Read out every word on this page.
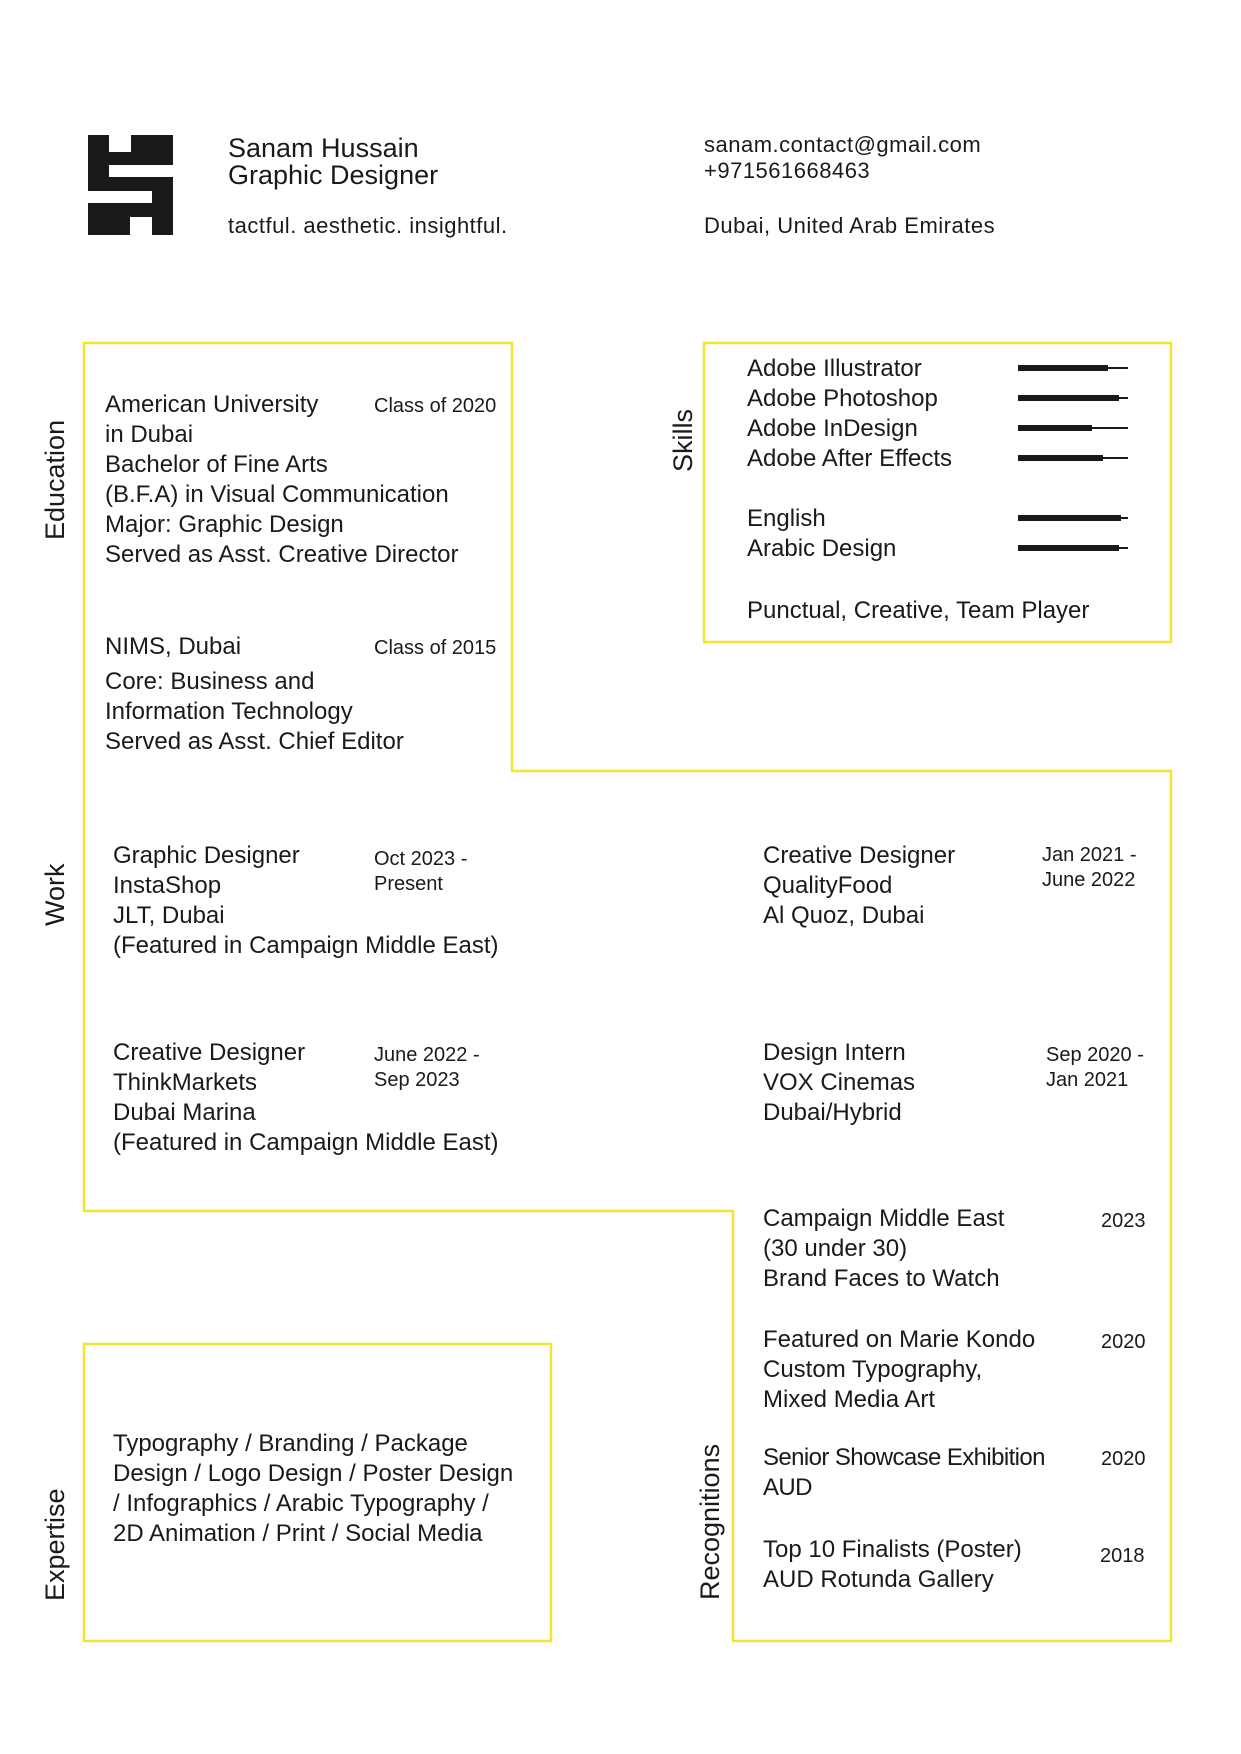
Sanam Hussain
Graphic Designer
tactful. aesthetic. insightful.
sanam.contact@gmail.com
+971561668463
Dubai, United Arab Emirates
Education	Skills
Work
Expertise	Recognitions
American University
in Dubai
Bachelor of Fine Arts
(B.F.A) in Visual Communication
Major: Graphic Design
Served as Asst. Creative Director
Class of 2020
NIMS, Dubai	Class of 2015
Core: Business and
Information Technology
Served as Asst. Chief Editor
Adobe Illustrator
Adobe Photoshop
Adobe InDesign
Adobe After Effects
English
Arabic Design
Punctual, Creative, Team Player
Graphic Designer
InstaShop
JLT, Dubai
(Featured in Campaign Middle East)
Oct 2023 -
Present
Creative Designer
QualityFood
Al Quoz, Dubai
Jan 2021 -
June 2022
Creative Designer
ThinkMarkets
Dubai Marina
(Featured in Campaign Middle East)
June 2022 -
Sep 2023
Design Intern
VOX Cinemas
Dubai/Hybrid
Sep 2020 -
Jan 2021
Typography / Branding / Package
Design / Logo Design / Poster Design
/ Infographics / Arabic Typography /
2D Animation / Print / Social Media
Campaign Middle East
(30 under 30)
Brand Faces to Watch
2023
Featured on Marie Kondo
Custom Typography,
Mixed Media Art
2020
Senior Showcase Exhibition
AUD
2020
Top 10 Finalists (Poster)
AUD Rotunda Gallery
2018
